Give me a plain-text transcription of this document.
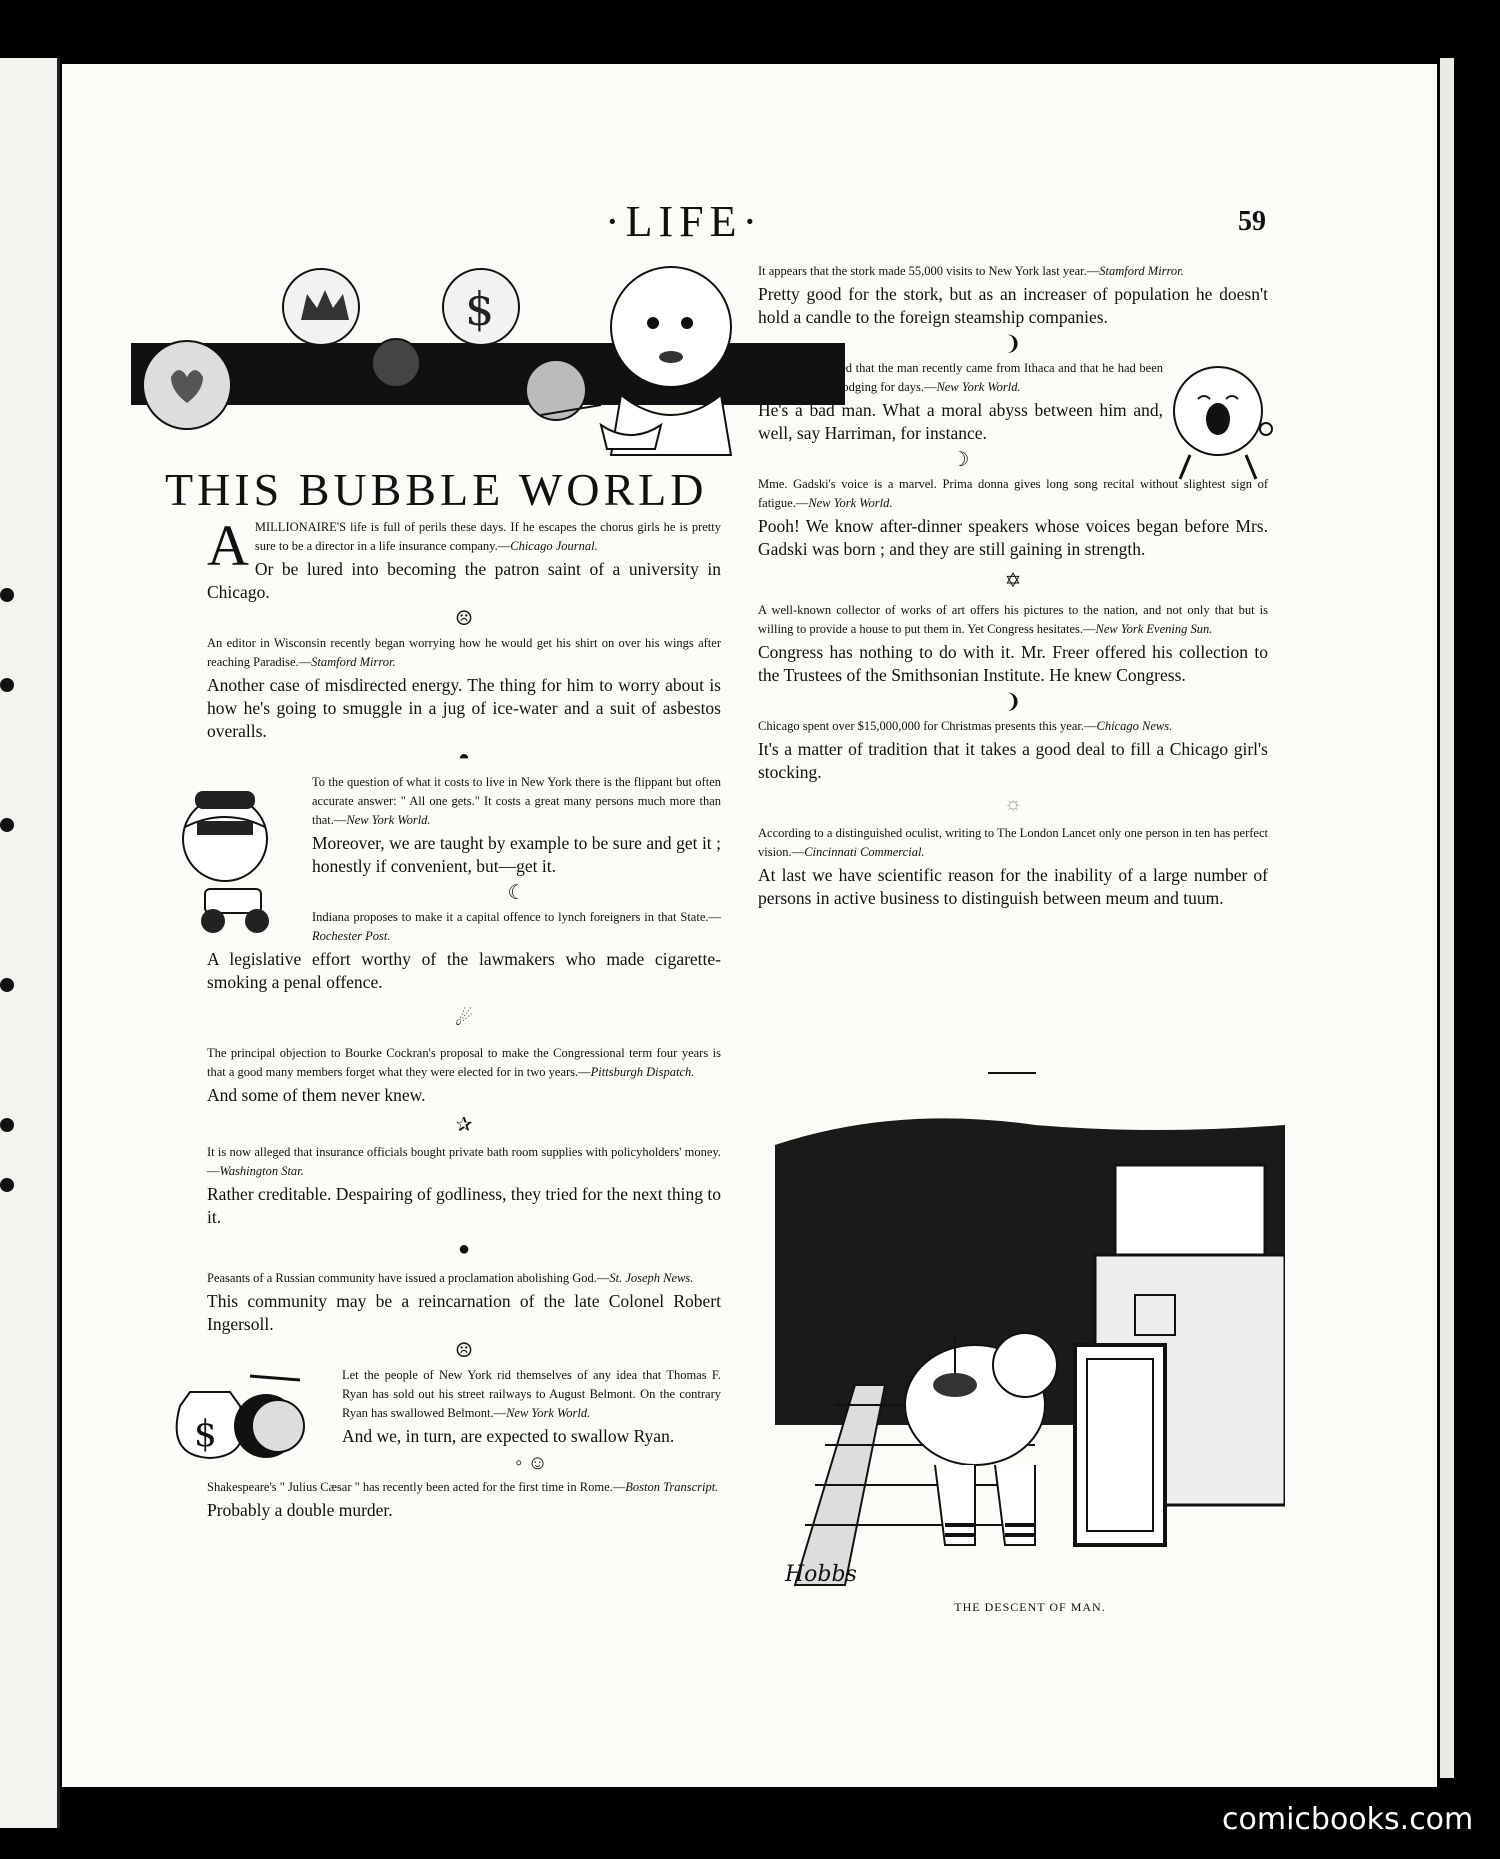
·LIFE·	59
$
THIS BUBBLE WORLD

AMILLIONAIRE'S life is full of perils these days. If he escapes the chorus girls he is pretty sure to be a director in a life insurance company.—Chicago Journal.

Or be lured into becoming the patron saint of a university in Chicago.

☹

An editor in Wisconsin recently began worrying how he would get his shirt on over his wings after reaching Paradise.—Stamford Mirror.

Another case of misdirected energy. The thing for him to worry about is how he's going to smuggle in a jug of ice-water and a suit of asbestos overalls.

◓

To the question of what it costs to live in New York there is the flippant but often accurate answer: " All one gets." It costs a great many persons much more than that.—New York World.

Moreover, we are taught by example to be sure and get it ; honestly if convenient, but—get it.

☾

Indiana proposes to make it a capital offence to lynch foreigners in that State.—Rochester Post.

A legislative effort worthy of the lawmakers who made cigarette-smoking a penal offence.

☄

The principal objection to Bourke Cockran's proposal to make the Congressional term four years is that a good many members forget what they were elected for in two years.—Pittsburgh Dispatch.

And some of them never knew.

✰

It is now alleged that insurance officials bought private bath room supplies with policyholders' money.—Washington Star.

Rather creditable. Despairing of godliness, they tried for the next thing to it.

●

Peasants of a Russian community have issued a proclamation abolishing God.—St. Joseph News.

This community may be a reincarnation of the late Colonel Robert Ingersoll.

☹
$

Let the people of New York rid themselves of any idea that Thomas F. Ryan has sold out his street railways to August Belmont. On the contrary Ryan has swallowed Belmont.—New York World.

And we, in turn, are expected to swallow Ryan.

◦ ☺

Shakespeare's " Julius Cæsar " has recently been acted for the first time in Rome.—Boston Transcript.

Probably a double murder.

It appears that the stork made 55,000 visits to New York last year.—Stamford Mirror.

Pretty good for the stork, but as an increaser of population he doesn't hold a candle to the foreign steamship companies.

❩

The police learned that the man recently came from Ithaca and that he had been without food or lodging for days.—New York World.

He's a bad man. What a moral abyss between him and, well, say Harriman, for instance.

☽

Mme. Gadski's voice is a marvel. Prima donna gives long song recital without slightest sign of fatigue.—New York World.

Pooh! We know after-dinner speakers whose voices began before Mrs. Gadski was born ; and they are still gaining in strength.

✡

A well-known collector of works of art offers his pictures to the nation, and not only that but is willing to provide a house to put them in. Yet Congress hesitates.—New York Evening Sun.

Congress has nothing to do with it. Mr. Freer offered his collection to the Trustees of the Smithsonian Institute. He knew Congress.

❩

Chicago spent over $15,000,000 for Christmas presents this year.—Chicago News.

It's a matter of tradition that it takes a good deal to fill a Chicago girl's stocking.

☼

According to a distinguished oculist, writing to The London Lancet only one person in ten has perfect vision.—Cincinnati Commercial.

At last we have scientific reason for the inability of a large number of persons in active business to distinguish between meum and tuum.

Hobbs
THE DESCENT OF MAN.
comicbooks.com
